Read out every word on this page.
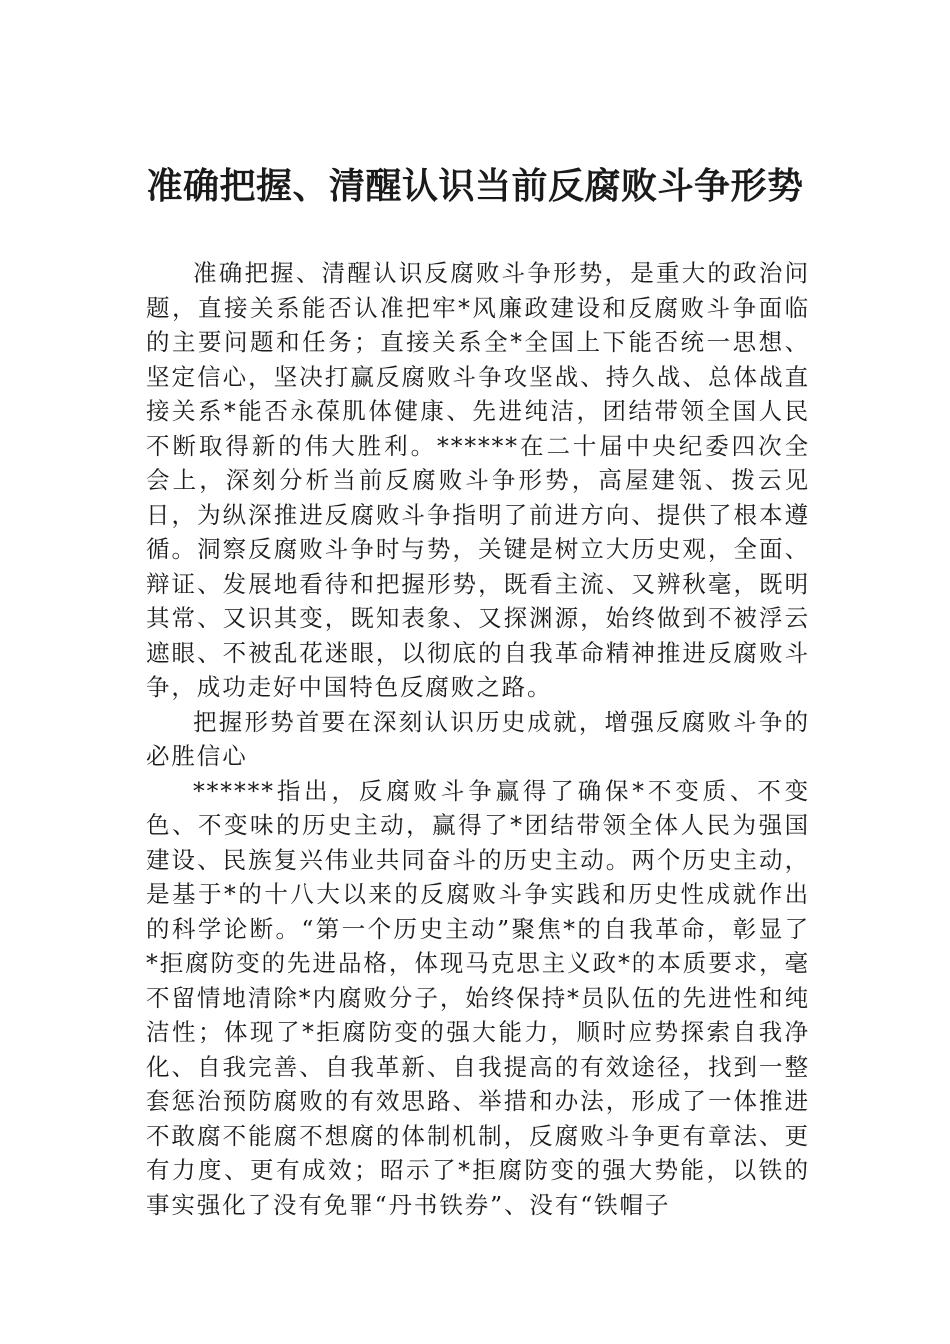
准确把握、清醒认识当前反腐败斗争形势

准确把握、清醒认识反腐败斗争形势，是重大的政治问题，直接关系能否认准把牢*风廉政建设和反腐败斗争面临的主要问题和任务；直接关系全*全国上下能否统一思想、坚定信心，坚决打赢反腐败斗争攻坚战、持久战、总体战直接关系*能否永葆肌体健康、先进纯洁，团结带领全国人民不断取得新的伟大胜利。******在二十届中央纪委四次全会上，深刻分析当前反腐败斗争形势，高屋建瓴、拨云见日，为纵深推进反腐败斗争指明了前进方向、提供了根本遵循。洞察反腐败斗争时与势，关键是树立大历史观，全面、辩证、发展地看待和把握形势，既看主流、又辨秋毫，既明其常、又识其变，既知表象、又探渊源，始终做到不被浮云遮眼、不被乱花迷眼，以彻底的自我革命精神推进反腐败斗争，成功走好中国特色反腐败之路。

把握形势首要在深刻认识历史成就，增强反腐败斗争的必胜信心

******指出，反腐败斗争赢得了确保*不变质、不变色、不变味的历史主动，赢得了*团结带领全体人民为强国建设、民族复兴伟业共同奋斗的历史主动。两个历史主动，是基于*的十八大以来的反腐败斗争实践和历史性成就作出的科学论断。“第一个历史主动”聚焦*的自我革命，彰显了*拒腐防变的先进品格，体现马克思主义政*的本质要求，毫不留情地清除*内腐败分子，始终保持*员队伍的先进性和纯洁性；体现了*拒腐防变的强大能力，顺时应势探索自我净化、自我完善、自我革新、自我提高的有效途径，找到一整套惩治预防腐败的有效思路、举措和办法，形成了一体推进不敢腐不能腐不想腐的体制机制，反腐败斗争更有章法、更有力度、更有成效；昭示了*拒腐防变的强大势能，以铁的事实强化了没有免罪“丹书铁券”、没有“铁帽子
